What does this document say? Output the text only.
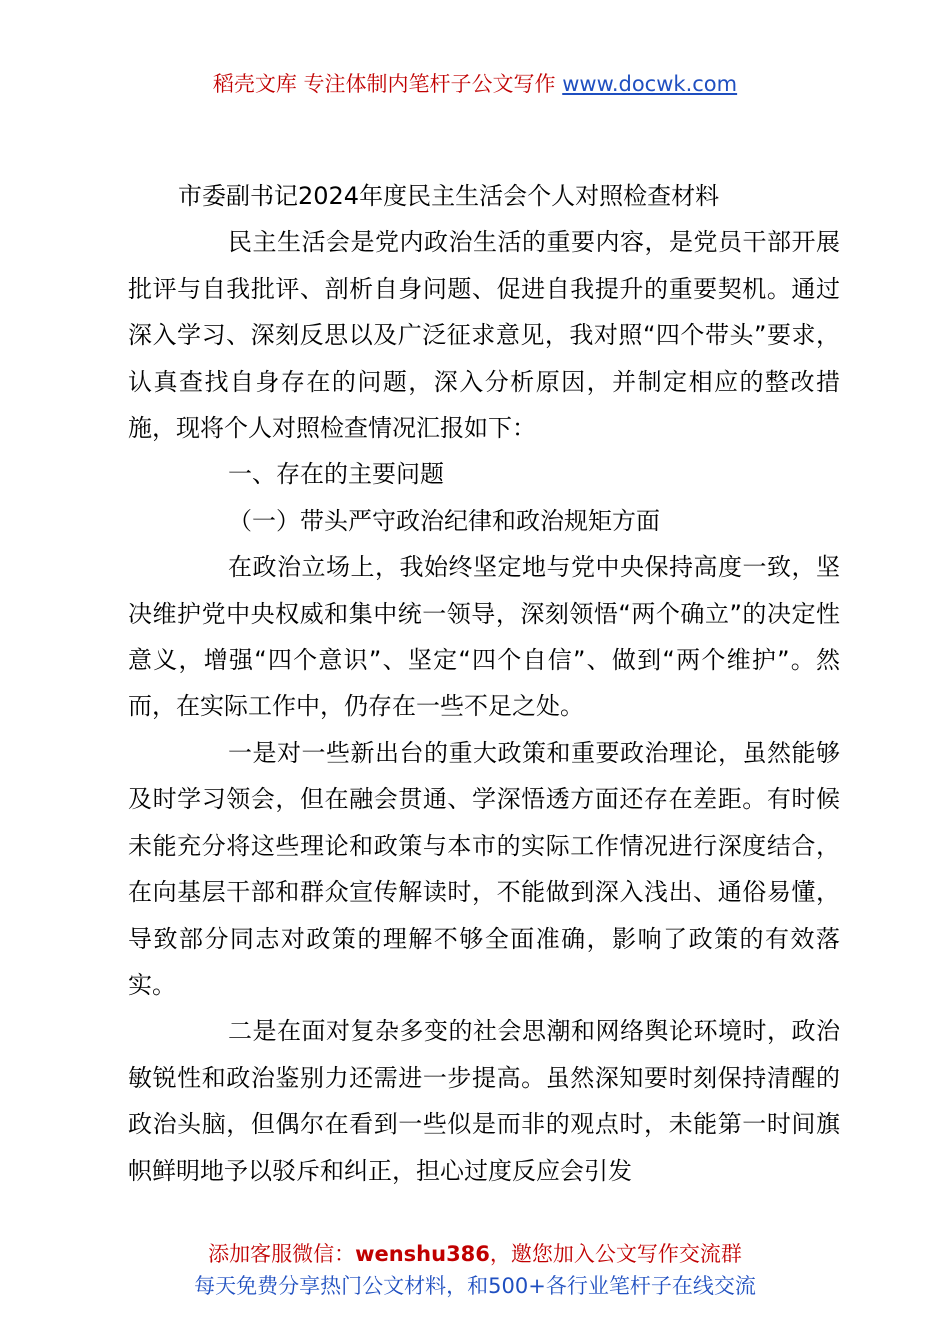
稻壳文库 专注体制内笔杆子公文写作 www.docwk.com

市委副书记2024年度民主生活会个人对照检查材料

民主生活会是党内政治生活的重要内容，是党员干部开展批评与自我批评、剖析自身问题、促进自我提升的重要契机。通过深入学习、深刻反思以及广泛征求意见，我对照“四个带头”要求，认真查找自身存在的问题，深入分析原因，并制定相应的整改措施，现将个人对照检查情况汇报如下：

一、存在的主要问题

（一）带头严守政治纪律和政治规矩方面

在政治立场上，我始终坚定地与党中央保持高度一致，坚决维护党中央权威和集中统一领导，深刻领悟“两个确立”的决定性意义，增强“四个意识”、坚定“四个自信”、做到“两个维护”。然而，在实际工作中，仍存在一些不足之处。

一是对一些新出台的重大政策和重要政治理论，虽然能够及时学习领会，但在融会贯通、学深悟透方面还存在差距。有时候未能充分将这些理论和政策与本市的实际工作情况进行深度结合，在向基层干部和群众宣传解读时，不能做到深入浅出、通俗易懂，导致部分同志对政策的理解不够全面准确，影响了政策的有效落实。

二是在面对复杂多变的社会思潮和网络舆论环境时，政治敏锐性和政治鉴别力还需进一步提高。虽然深知要时刻保持清醒的政治头脑，但偶尔在看到一些似是而非的观点时，未能第一时间旗帜鲜明地予以驳斥和纠正，担心过度反应会引发

添加客服微信：wenshu386，邀您加入公文写作交流群
每天免费分享热门公文材料，和500+各行业笔杆子在线交流
